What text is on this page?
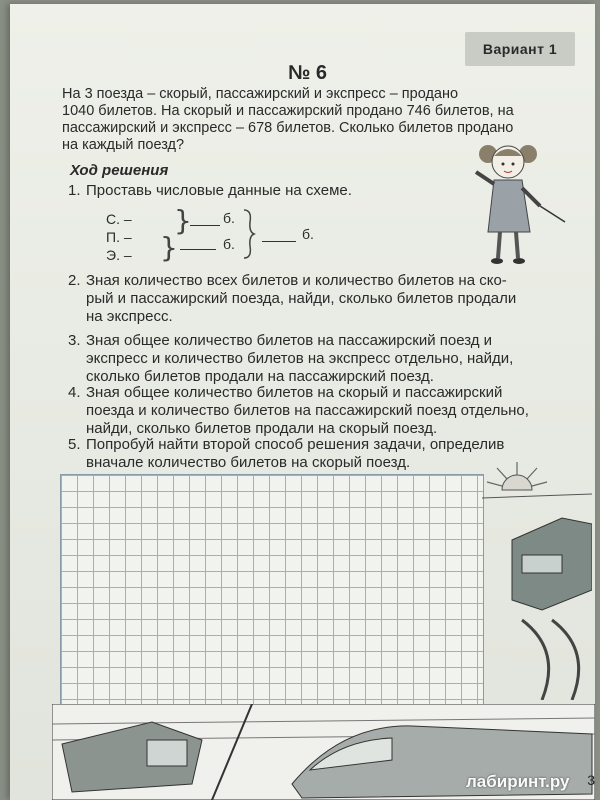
Вариант 1
№ 6
На 3 поезда – скорый, пассажирский и экспресс – продано
1040 билетов. На скорый и пассажирский продано 746 билетов, на
пассажирский и экспресс – 678 билетов. Сколько билетов продано
на каждый поезд?
Ход решения
1. Проставь числовые данные на схеме.
С. –
П. –
Э. –
}
}
б.
б.
б.
2. Зная количество всех билетов и количество билетов на ско-
рый и пассажирский поезда, найди, сколько билетов продали
на экспресс.
3. Зная общее количество билетов на пассажирский поезд и
экспресс и количество билетов на экспресс отдельно, найди,
сколько билетов продали на пассажирский поезд.
4. Зная общее количество билетов на скорый и пассажирский
поезда и количество билетов на пассажирский поезд отдельно,
найди, сколько билетов продали на скорый поезд.
5. Попробуй найти второй способ решения задачи, определив
вначале количество билетов на скорый поезд.
лабиринт.ру 3
